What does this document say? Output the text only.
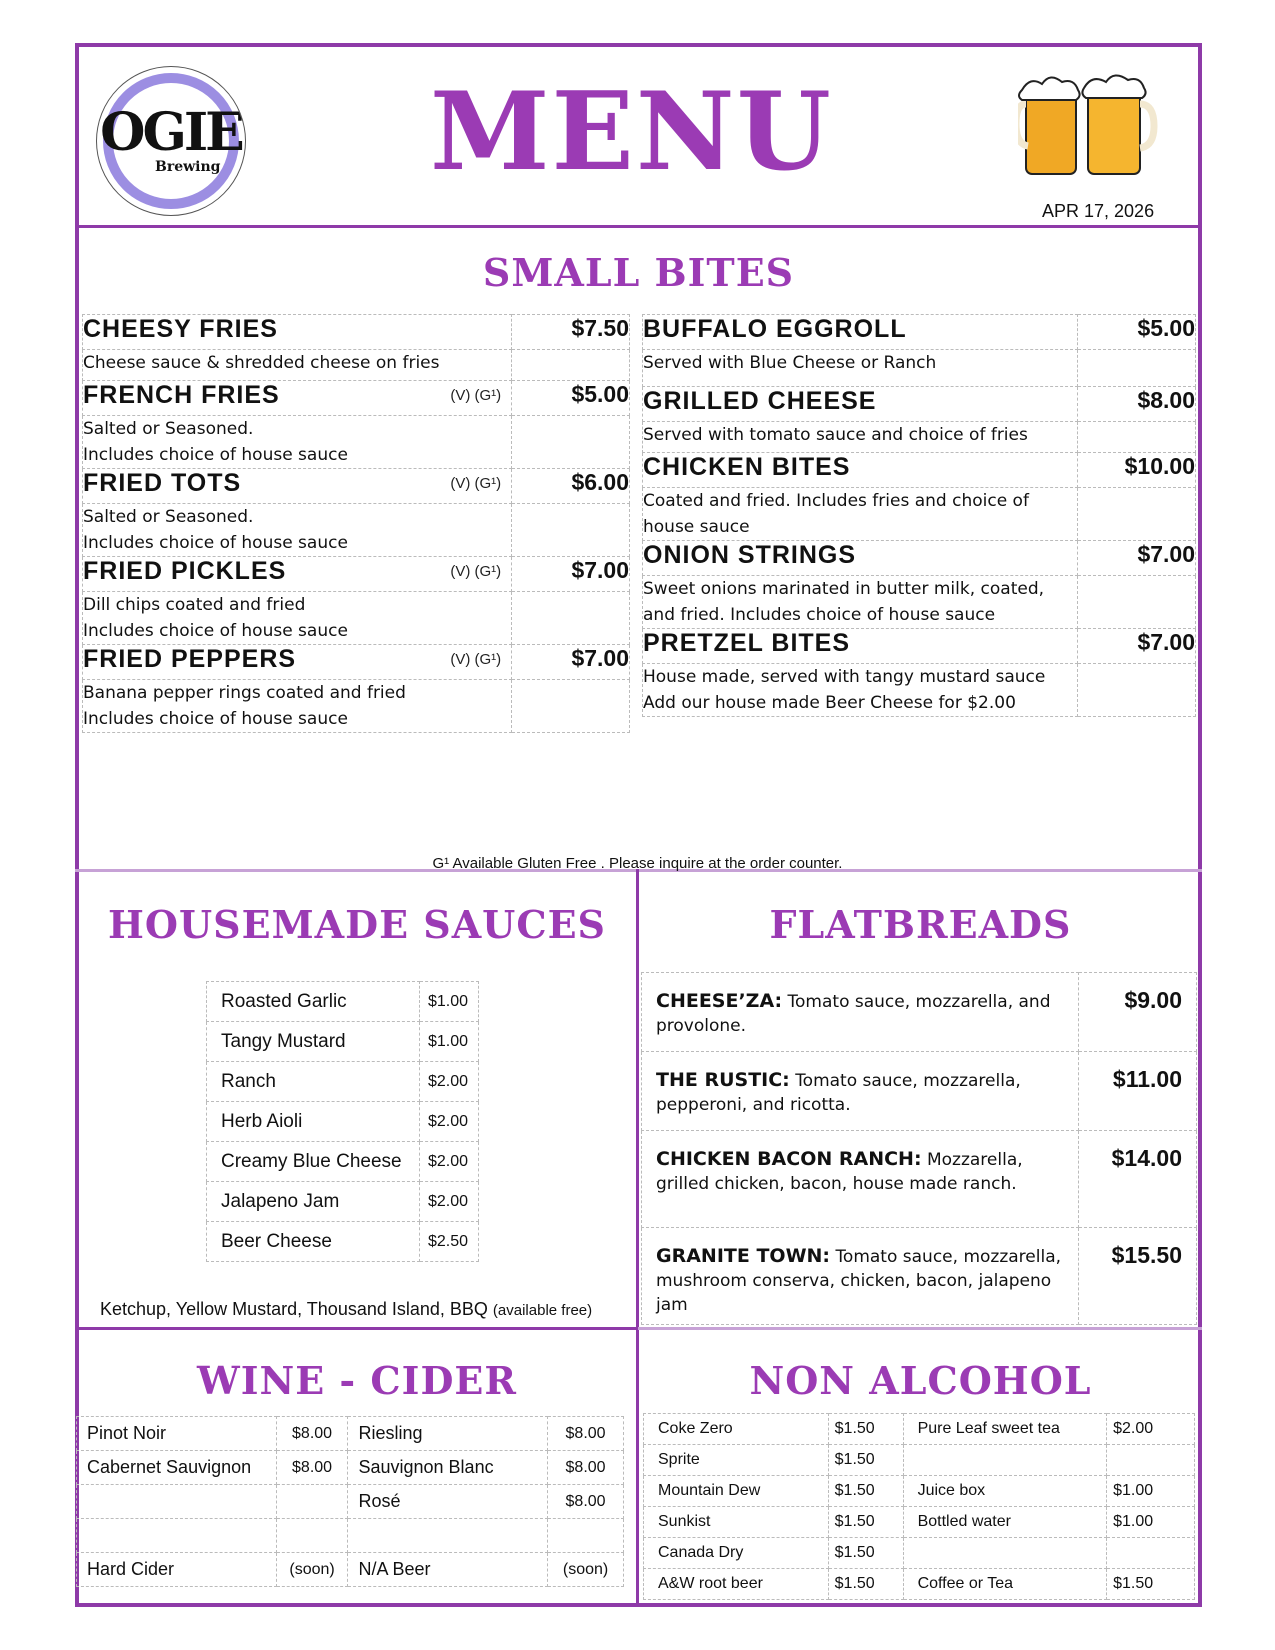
OGIE
Brewing MENU
APR 17, 2026
SMALL BITES
CHEESY FRIES	$7.50

Cheese sauce & shredded cheese on fries	

FRENCH FRIES (V) (G¹)	$5.00

Salted or Seasoned.
Includes choice of house sauce	

FRIED TOTS (V) (G¹)	$6.00

Salted or Seasoned.
Includes choice of house sauce	

FRIED PICKLES (V) (G¹)	$7.00

Dill chips coated and fried
Includes choice of house sauce	

FRIED PEPPERS (V) (G¹)	$7.00

Banana pepper rings coated and fried
Includes choice of house sauce	

BUFFALO EGGROLL	$5.00

Served with Blue Cheese or Ranch	

GRILLED CHEESE	$8.00

Served with tomato sauce and choice of fries	

CHICKEN BITES	$10.00

Coated and fried. Includes fries and choice of
house sauce	

ONION STRINGS	$7.00

Sweet onions marinated in butter milk, coated,
and fried. Includes choice of house sauce	

PRETZEL BITES	$7.00

House made, served with tangy mustard sauce
Add our house made Beer Cheese for $2.00	

G¹ Available Gluten Free . Please inquire at the order counter.
HOUSEMADE SAUCES
Roasted Garlic	$1.00
Tangy Mustard	$1.00
Ranch	$2.00
Herb Aioli	$2.00
Creamy Blue Cheese	$2.00
Jalapeno Jam	$2.00
Beer Cheese	$2.50
Ketchup, Yellow Mustard, Thousand Island, BBQ (available free)
FLATBREADS
CHEESE’ZA: Tomato sauce, mozzarella, and provolone.	$9.00
THE RUSTIC: Tomato sauce, mozzarella, pepperoni, and ricotta.	$11.00
CHICKEN BACON RANCH: Mozzarella, grilled chicken, bacon, house made ranch.	$14.00
GRANITE TOWN: Tomato sauce, mozzarella, mushroom conserva, chicken, bacon, jalapeno jam	$15.50
WINE - CIDER
Pinot Noir	$8.00	Riesling	$8.00
Cabernet Sauvignon	$8.00	Sauvignon Blanc	$8.00
		Rosé	$8.00

Hard Cider	(soon)	N/A Beer	(soon)
NON ALCOHOL
Coke Zero	$1.50	Pure Leaf sweet tea	$2.00
Sprite	$1.50		
Mountain Dew	$1.50	Juice box	$1.00
Sunkist	$1.50	Bottled water	$1.00
Canada Dry	$1.50		
A&W root beer	$1.50	Coffee or Tea	$1.50
